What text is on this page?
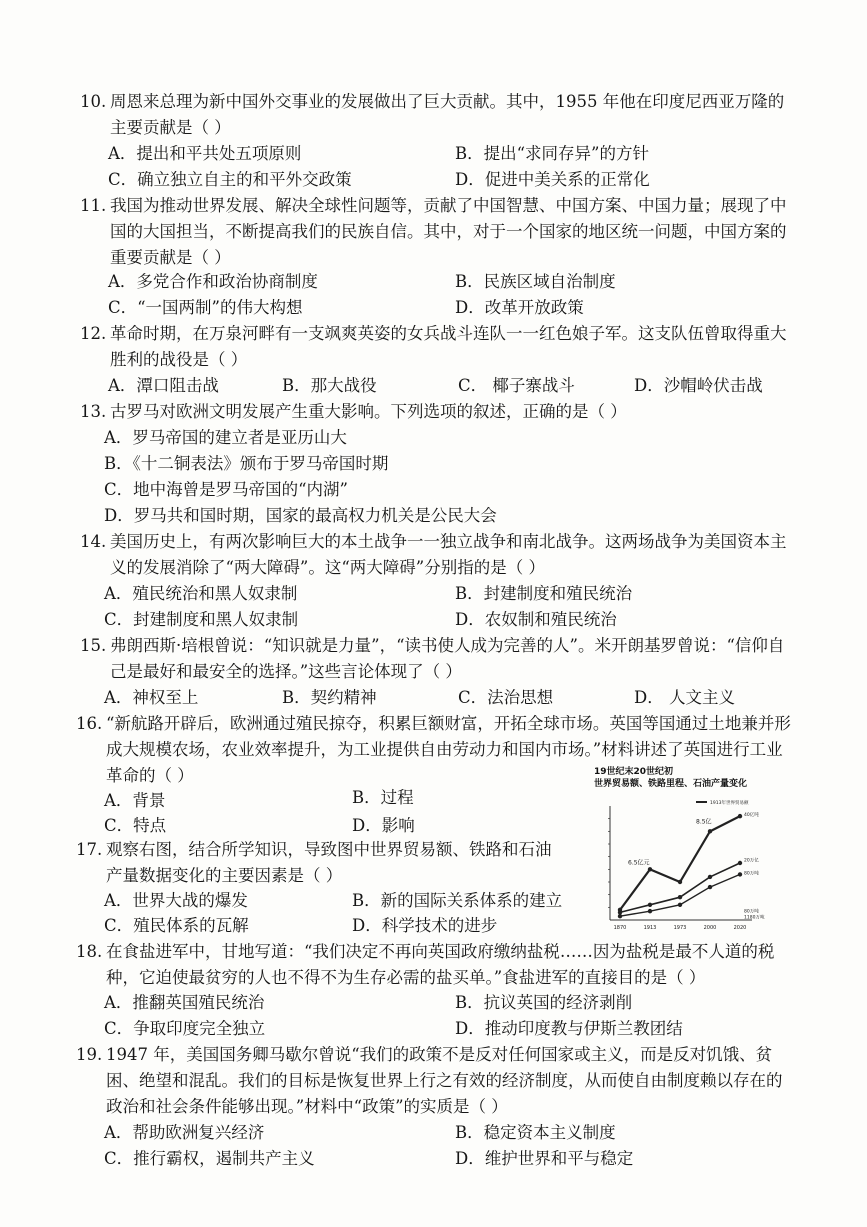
10. 周恩来总理为新中国外交事业的发展做出了巨大贡献。其中，1955 年他在印度尼西亚万隆的主要贡献是（ ）
A．提出和平共处五项原则	B．提出“求同存异”的方针
C．确立独立自主的和平外交政策	D．促进中美关系的正常化
11. 我国为推动世界发展、解决全球性问题等，贡献了中国智慧、中国方案、中国力量；展现了中国的大国担当，不断提高我们的民族自信。其中，对于一个国家的地区统一问题，中国方案的重要贡献是（ ）
A．多党合作和政治协商制度	B．民族区域自治制度
C．“一国两制”的伟大构想	D．改革开放政策
12. 革命时期，在万泉河畔有一支飒爽英姿的女兵战斗连队一一红色娘子军。这支队伍曾取得重大胜利的战役是（ ）
A．潭口阻击战	B．那大战役	C． 椰子寨战斗	D．沙帽岭伏击战
13. 古罗马对欧洲文明发展产生重大影响。下列选项的叙述，正确的是（ ）
A．罗马帝国的建立者是亚历山大
B．《十二铜表法》颁布于罗马帝国时期
C．地中海曾是罗马帝国的“内湖”
D．罗马共和国时期，国家的最高权力机关是公民大会
14. 美国历史上，有两次影响巨大的本土战争一一独立战争和南北战争。这两场战争为美国资本主义的发展消除了“两大障碍”。这“两大障碍”分别指的是（ ）
A．殖民统治和黑人奴隶制	B．封建制度和殖民统治
C．封建制度和黑人奴隶制	D．农奴制和殖民统治
15. 弗朗西斯·培根曾说：“知识就是力量”，“读书使人成为完善的人”。米开朗基罗曾说：“信仰自己是最好和最安全的选择。”这些言论体现了（ ）
A．神权至上	B．契约精神	C．法治思想	D． 人文主义
16. “新航路开辟后，欧洲通过殖民掠夺，积累巨额财富，开拓全球市场。英国等国通过土地兼并形成大规模农场，农业效率提升，为工业提供自由劳动力和国内市场。”材料讲述了英国进行工业革命的（ ）
A．背景	B．过程
C．特点	D．影响
19世纪末20世纪初
世界贸易额、铁路里程、石油产量变化
1870	1913	1973	2000	2020
1913年世界贸易额
6.5亿元
8.5亿
40亿吨
20万亿
80万吨
80万吨
1180万吨
17. 观察右图，结合所学知识，导致图中世界贸易额、铁路和石油产量数据变化的主要因素是（ ）
A．世界大战的爆发	B．新的国际关系体系的建立
C．殖民体系的瓦解	D．科学技术的进步
18. 在食盐进军中，甘地写道：“我们决定不再向英国政府缴纳盐税……因为盐税是最不人道的税种，它迫使最贫穷的人也不得不为生存必需的盐买单。”食盐进军的直接目的是（ ）
A．推翻英国殖民统治	B．抗议英国的经济剥削
C．争取印度完全独立	D．推动印度教与伊斯兰教团结
19. 1947 年，美国国务卿马歇尔曾说“我们的政策不是反对任何国家或主义，而是反对饥饿、贫困、绝望和混乱。我们的目标是恢复世界上行之有效的经济制度，从而使自由制度赖以存在的政治和社会条件能够出现。”材料中“政策”的实质是（ ）
A．帮助欧洲复兴经济	B．稳定资本主义制度
C．推行霸权，遏制共产主义	D．维护世界和平与稳定
